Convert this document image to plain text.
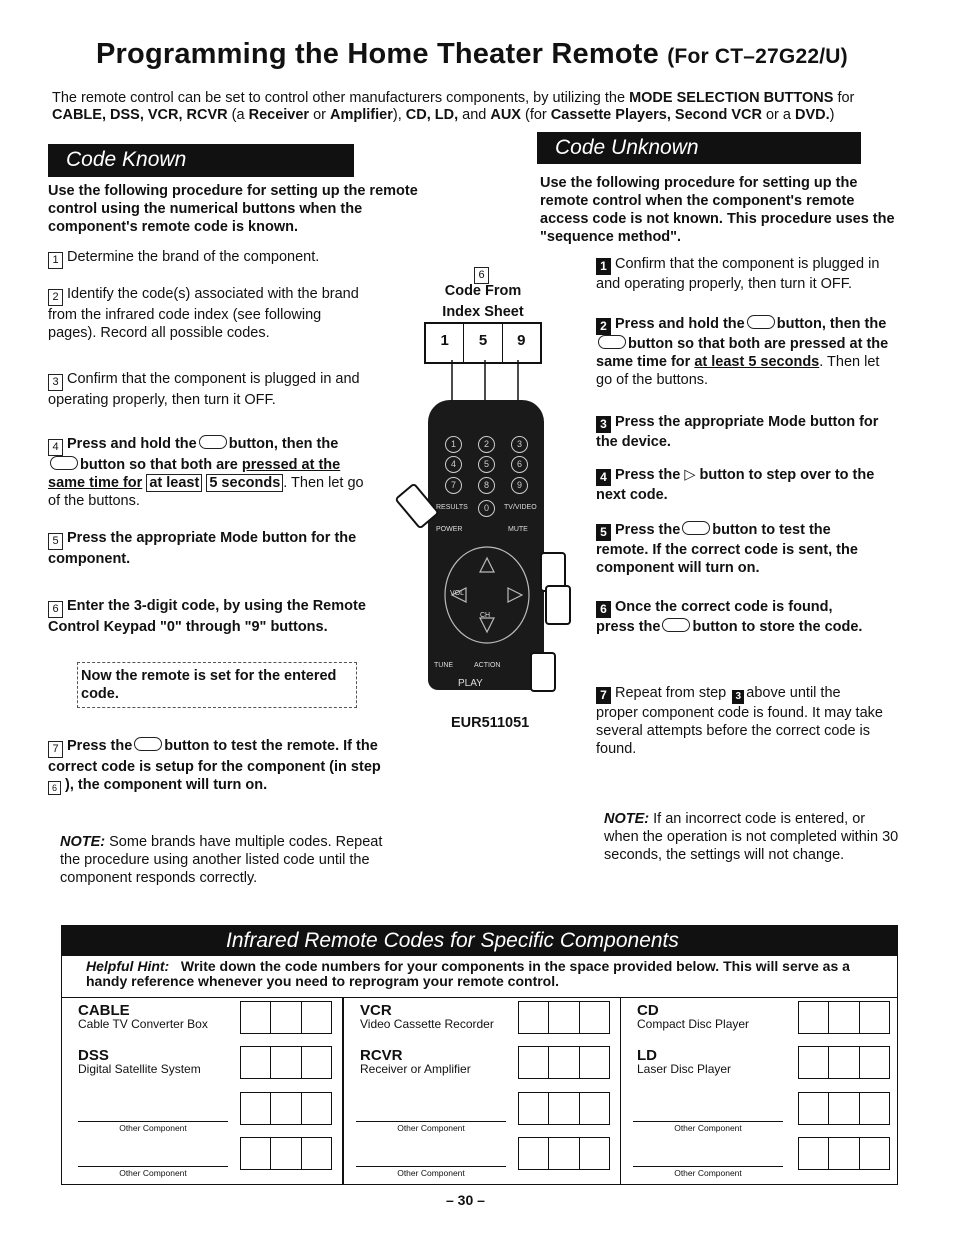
Programming the Home Theater Remote (For CT–27G22/U)
The remote control can be set to control other manufacturers components, by utilizing the MODE SELECTION BUTTONS for CABLE, DSS, VCR, RCVR (a Receiver or Amplifier), CD, LD, and AUX (for Cassette Players, Second VCR or a DVD.)
Code Known
Use the following procedure for setting up the remote control using the numerical buttons when the component's remote code is known.
1 Determine the brand of the component.
2 Identify the code(s) associated with the brand from the infrared code index (see following pages). Record all possible codes.
3 Confirm that the component is plugged in and operating properly, then turn it OFF.
4 Press and hold the button, then the button so that both are pressed at the same time for at least 5 seconds . Then let go of the buttons.
5 Press the appropriate Mode button for the component.
6 Enter the 3-digit code, by using the Remote Control Keypad "0" through "9" buttons.
Now the remote is set for the entered code.
7 Press the button to test the remote. If the correct code is setup for the component (in step 6 ), the component will turn on.
NOTE: Some brands have multiple codes. Repeat the procedure using another listed code until the component responds correctly.
6
Code From
Index Sheet
1	5	9
1	2	3
4	5	6
7	8	9
0
RESULTS	TV/VIDEO
POWER	MUTE
VOL
CH
TUNE	ACTION
PLAY
EUR511051
Code Unknown
Use the following procedure for setting up the remote control when the component's remote access code is not known. This procedure uses the "sequence method".
1 Confirm that the component is plugged in and operating properly, then turn it OFF.
2 Press and hold the button, then thebutton so that both are pressed at the same time for at least 5 seconds. Then let go of the buttons.
3 Press the appropriate Mode button for the device.
4 Press the ▷ button to step over to the next code.
5 Press the button to test the remote. If the correct code is sent, the component will turn on.
6 Once the correct code is found, press the button to store the code.
7 Repeat from step 3 above until the proper component code is found. It may take several attempts before the correct code is found.
NOTE: If an incorrect code is entered, or when the operation is not completed within 30 seconds, the settings will not change.
Infrared Remote Codes for Specific Components
Helpful Hint: Write down the code numbers for your components in the space provided below. This will serve as a handy reference whenever you need to reprogram your remote control.
CABLE
Cable TV Converter Box
DSS
Digital Satellite System
Other Component
Other Component
VCR
Video Cassette Recorder
RCVR
Receiver or Amplifier
Other Component
Other Component
CD
Compact Disc Player
LD
Laser Disc Player
Other Component
Other Component
– 30 –
